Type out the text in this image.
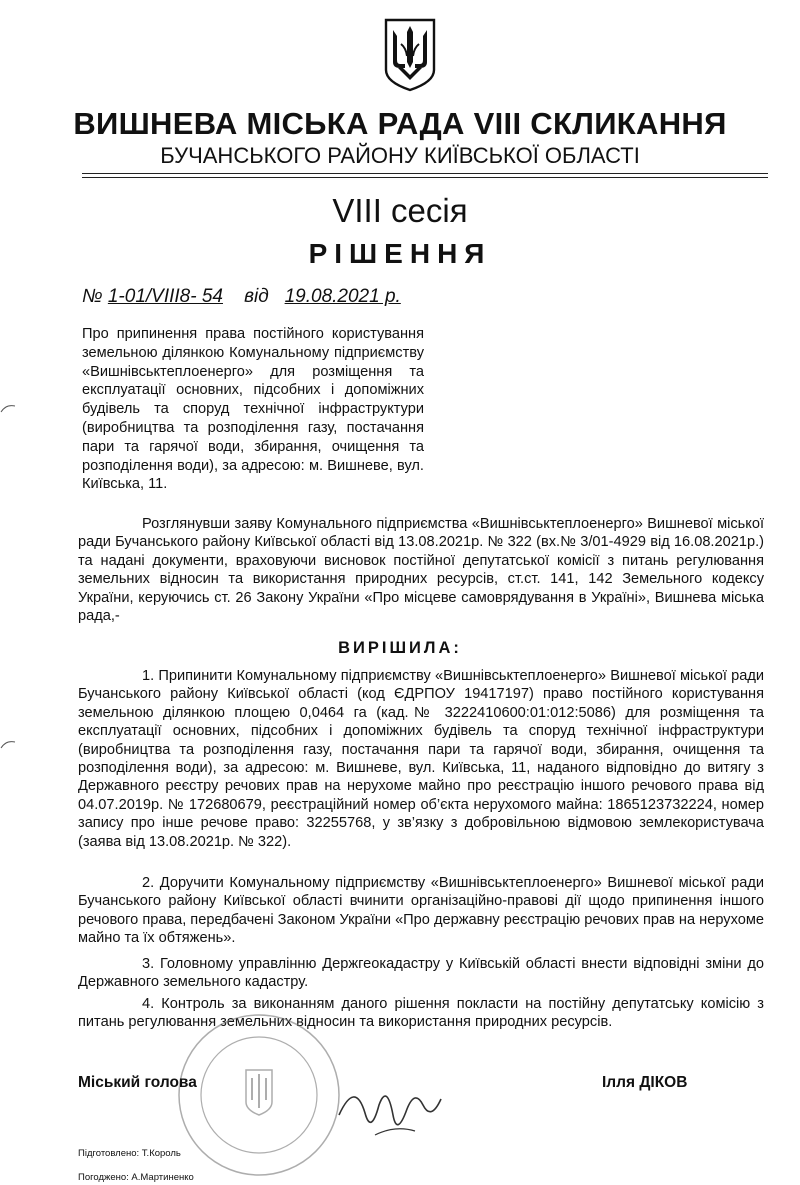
ВИШНЕВА МІСЬКА РАДА VIII СКЛИКАННЯ
БУЧАНСЬКОГО РАЙОНУ КИЇВСЬКОЇ ОБЛАСТІ
VIII сесія
РІШЕННЯ
№ 1-01/VIII8- 54 від 19.08.2021 р.
Про припинення права постійного користування земельною ділянкою Комунальному підприємству «Вишнівськтеплоенерго» для розміщення та експлуатації основних, підсобних і допоміжних будівель та споруд технічної інфраструктури (виробництва та розподілення газу, постачання пари та гарячої води, збирання, очищення та розподілення води), за адресою: м. Вишневе, вул. Київська, 11.
Розглянувши заяву Комунального підприємства «Вишнівськтеплоенерго» Вишневої міської ради Бучанського району Київської області від 13.08.2021р. № 322 (вх.№ 3/01-4929 від 16.08.2021р.) та надані документи, враховуючи висновок постійної депутатської комісії з питань регулювання земельних відносин та використання природних ресурсів, ст.ст. 141, 142 Земельного кодексу України, керуючись ст. 26 Закону України «Про місцеве самоврядування в Україні», Вишнева міська рада,-
ВИРІШИЛА:
1. Припинити Комунальному підприємству «Вишнівськтеплоенерго» Вишневої міської ради Бучанського району Київської області (код ЄДРПОУ 19417197) право постійного користування земельною ділянкою площею 0,0464 га (кад.№ 3222410600:01:012:5086) для розміщення та експлуатації основних, підсобних і допоміжних будівель та споруд технічної інфраструктури (виробництва та розподілення газу, постачання пари та гарячої води, збирання, очищення та розподілення води), за адресою: м. Вишневе, вул. Київська, 11, наданого відповідно до витягу з Державного реєстру речових прав на нерухоме майно про реєстрацію іншого речового права від 04.07.2019р. № 172680679, реєстраційний номер об’єкта нерухомого майна: 1865123732224, номер запису про інше речове право: 32255768, у зв’язку з добровільною відмовою землекористувача (заява від 13.08.2021р. № 322).
2. Доручити Комунальному підприємству «Вишнівськтеплоенерго» Вишневої міської ради Бучанського району Київської області вчинити організаційно-правові дії щодо припинення іншого речового права, передбачені Законом України «Про державну реєстрацію речових прав на нерухоме майно та їх обтяжень».
3. Головному управлінню Держгеокадастру у Київській області внести відповідні зміни до Державного земельного кадастру.
4. Контроль за виконанням даного рішення покласти на постійну депутатську комісію з питань регулювання земельних відносин та використання природних ресурсів.
Міський голова	Ілля ДІКОВ
Підготовлено: Т.Король
Погоджено: А.Мартиненко
